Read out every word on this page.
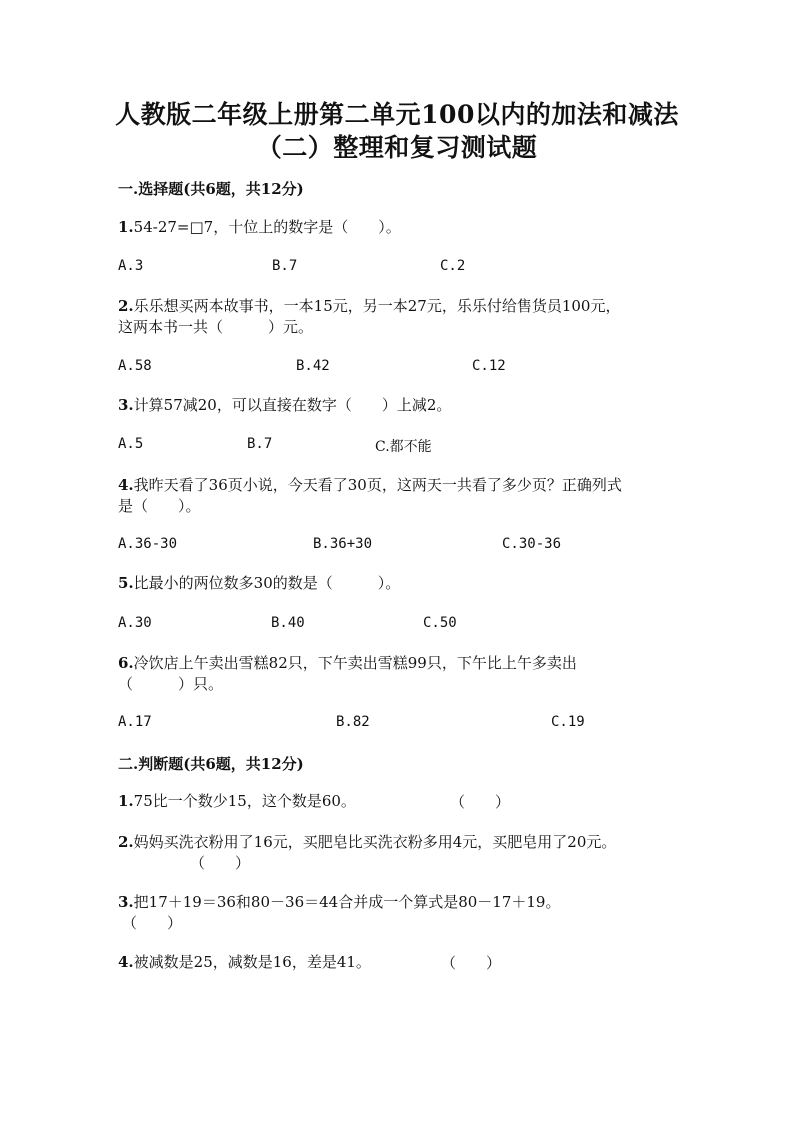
人教版二年级上册第二单元100以内的加法和减法
（二）整理和复习测试题
一.选择题(共6题，共12分)
1.54-27=□7，十位上的数字是（　　）。
A.3	B.7	C.2
2.乐乐想买两本故事书，一本15元，另一本27元，乐乐付给售货员100元，
这两本书一共（　　　）元。
A.58	B.42	C.12
3.计算57减20，可以直接在数字（　　）上减2。
A.5	B.7	C.都不能
4.我昨天看了36页小说，今天看了30页，这两天一共看了多少页？正确列式
是（　　）。
A.36-30	B.36+30	C.30-36
5.比最小的两位数多30的数是（　　　）。
A.30	B.40	C.50
6.冷饮店上午卖出雪糕82只，下午卖出雪糕99只，下午比上午多卖出
（　　　）只。
A.17	B.82	C.19
二.判断题(共6题，共12分)
1.75比一个数少15，这个数是60。	（　　）
2.妈妈买洗衣粉用了16元，买肥皂比买洗衣粉多用4元，买肥皂用了20元。
（　　）
3.把17＋19＝36和80－36＝44合并成一个算式是80－17＋19。
（　　）
4.被减数是25，减数是16，差是41。	（　　）
